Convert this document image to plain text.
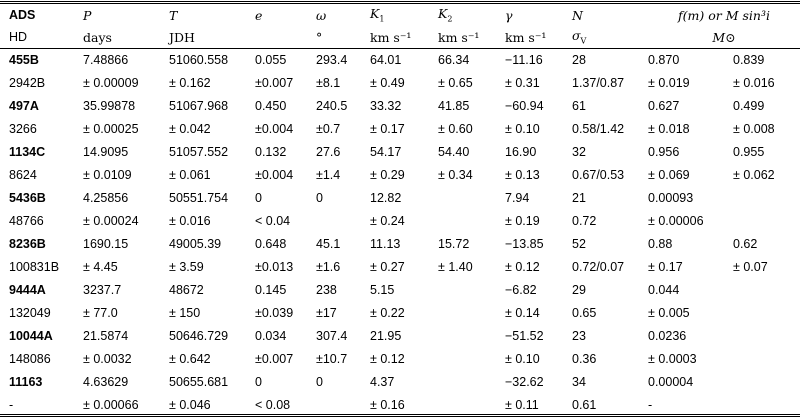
ADS	P	T	e	ω	$K_1$	$K_2$	γ	N	f(m) or M sin³i	
HD	days	JDH		°	km s⁻¹	km s⁻¹	km s⁻¹	$\sigma_V$	M⊙	
455B	7.48866	51060.558	0.055	293.4	64.01	66.34	−11.16	28	0.870	0.839
2942B	± 0.00009	± 0.162	±0.007	±8.1	± 0.49	± 0.65	± 0.31	1.37/0.87	± 0.019	± 0.016
497A	35.99878	51067.968	0.450	240.5	33.32	41.85	−60.94	61	0.627	0.499
3266	± 0.00025	± 0.042	±0.004	±0.7	± 0.17	± 0.60	± 0.10	0.58/1.42	± 0.018	± 0.008
1134C	14.9095	51057.552	0.132	27.6	54.17	54.40	16.90	32	0.956	0.955
8624	± 0.0109	± 0.061	±0.004	±1.4	± 0.29	± 0.34	± 0.13	0.67/0.53	± 0.069	± 0.062
5436B	4.25856	50551.754	0	0	12.82		7.94	21	0.00093	
48766	± 0.00024	± 0.016	< 0.04		± 0.24		± 0.19	0.72	± 0.00006	
8236B	1690.15	49005.39	0.648	45.1	11.13	15.72	−13.85	52	0.88	0.62
100831B	± 4.45	± 3.59	±0.013	±1.6	± 0.27	± 1.40	± 0.12	0.72/0.07	± 0.17	± 0.07
9444A	3237.7	48672	0.145	238	5.15		−6.82	29	0.044	
132049	± 77.0	± 150	±0.039	±17	± 0.22		± 0.14	0.65	± 0.005	
10044A	21.5874	50646.729	0.034	307.4	21.95		−51.52	23	0.0236	
148086	± 0.0032	± 0.642	±0.007	±10.7	± 0.12		± 0.10	0.36	± 0.0003	
11163	4.63629	50655.681	0	0	4.37		−32.62	34	0.00004	
-	± 0.00066	± 0.046	< 0.08		± 0.16		± 0.11	0.61	-	
